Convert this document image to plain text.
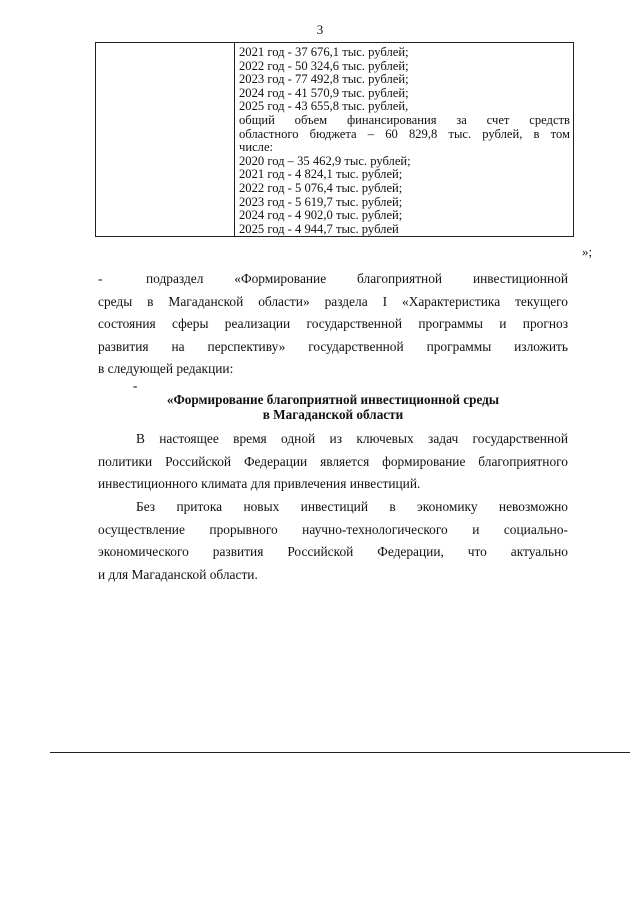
3

2021 год - 37 676,1 тыс. рублей;
2022 год - 50 324,6 тыс. рублей;
2023 год - 77 492,8 тыс. рублей;
2024 год - 41 570,9 тыс. рублей;
2025 год - 43 655,8 тыс. рублей,
общий объем финансирования за счет средств
областного бюджета – 60 829,8 тыс. рублей, в том
числе:
2020 год – 35 462,9 тыс. рублей;
2021 год - 4 824,1 тыс. рублей;
2022 год - 5 076,4 тыс. рублей;
2023 год - 5 619,7 тыс. рублей;
2024 год - 4 902,0 тыс. рублей;
2025 год - 4 944,7 тыс. рублей
»;
-	подраздел «Формирование благоприятной инвестиционной
среды в Магаданской области» раздела I «Характеристика текущего
состояния сферы реализации государственной программы и прогноз
развития на перспективу» государственной программы изложить
в следующей редакции:
-
«Формирование благоприятной инвестиционной среды
в Магаданской области
В настоящее время одной из ключевых задач государственной
политики Российской Федерации является формирование благоприятного
инвестиционного климата для привлечения инвестиций.
Без притока новых инвестиций в экономику невозможно
осуществление прорывного научно-технологического и социально-
экономического развития Российской Федерации, что актуально
и для Магаданской области.
